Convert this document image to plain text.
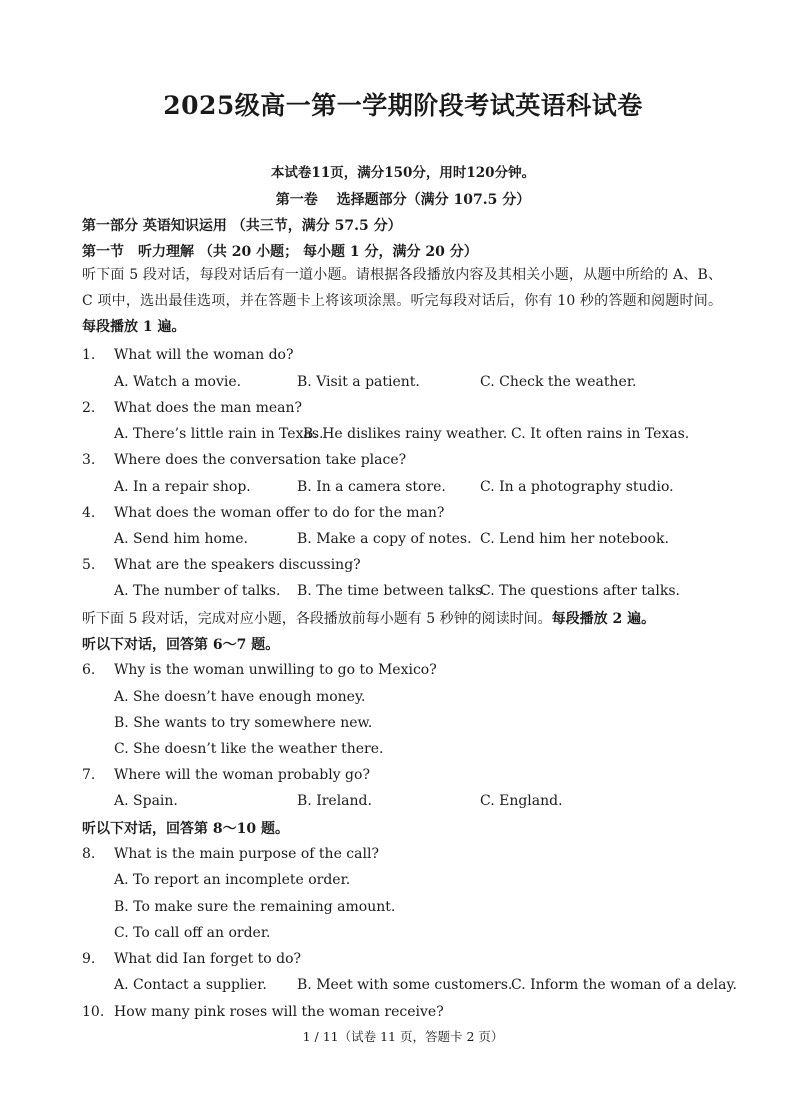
2025级高一第一学期阶段考试英语科试卷
本试卷11页，满分150分，用时120分钟。
第一卷　 选择题部分（满分 107.5 分）
第一部分 英语知识运用 （共三节，满分 57.5 分）
第一节　听力理解 （共 20 小题； 每小题 1 分，满分 20 分）
听下面 5 段对话，每段对话后有一道小题。请根据各段播放内容及其相关小题，从题中所给的 A、B、C 项中，选出最佳选项，并在答题卡上将该项涂黑。听完每段对话后，你有 10 秒的答题和阅题时间。每段播放 1 遍。
1. What will the woman do?
A. Watch a movie.	B. Visit a patient.	C. Check the weather.
2. What does the man mean?
A. There’s little rain in Texas.
B. He dislikes rainy weather. C. It often rains in Texas.
3. Where does the conversation take place?
A. In a repair shop.	B. In a camera store. C. In a photography studio.
4. What does the woman offer to do for the man?
A. Send him home.	B. Make a copy of notes. C. Lend him her notebook.
5. What are the speakers discussing?
A. The number of talks. B. The time between talks.
C. The questions after talks.
听下面 5 段对话，完成对应小题，各段播放前每小题有 5 秒钟的阅读时间。每段播放 2 遍。
听以下对话，回答第 6～7 题。
6. Why is the woman unwilling to go to Mexico?
A. She doesn’t have enough money.
B. She wants to try somewhere new.
C. She doesn’t like the weather there.
7. Where will the woman probably go?
A. Spain.	B. Ireland.	C. England.
听以下对话，回答第 8～10 题。
8. What is the main purpose of the call?
A. To report an incomplete order.
B. To make sure the remaining amount.
C. To call off an order.
9. What did Ian forget to do?
A. Contact a supplier. B. Meet with some customers.
C. Inform the woman of a delay.
10. How many pink roses will the woman receive?
1 / 11（试卷 11 页，答题卡 2 页）
